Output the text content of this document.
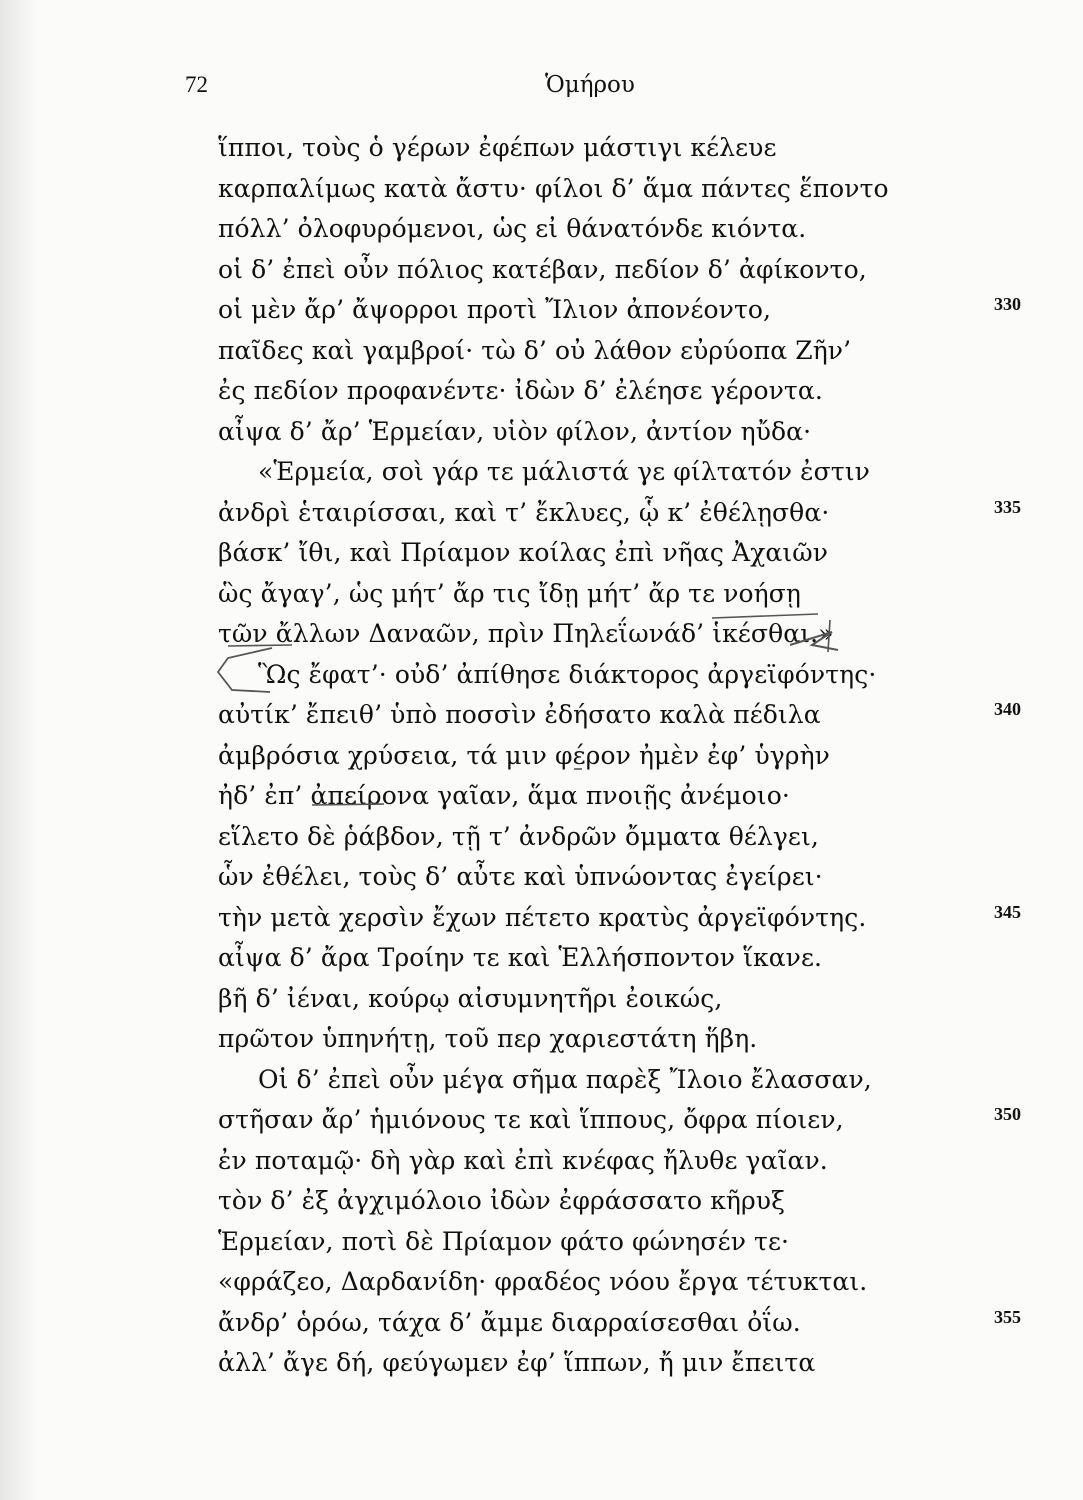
72	Ὁμήρου
ἵπποι, τοὺς ὁ γέρων ἐφέπων μάστιγι κέλευε
καρπαλίμως κατὰ ἄστυ· φίλοι δ’ ἅμα πάντες ἕποντο
πόλλ’ ὀλοφυρόμενοι, ὡς εἰ θάνατόνδε κιόντα.
οἱ δ’ ἐπεὶ οὖν πόλιος κατέβαν, πεδίον δ’ ἀφίκοντο,
οἱ μὲν ἄρ’ ἄψορροι προτὶ Ἴλιον ἀπονέοντο,	330
παῖδες καὶ γαμβροί· τὼ δ’ οὐ λάθον εὐρύοπα Ζῆν’
ἐς πεδίον προφανέντε· ἰδὼν δ’ ἐλέησε γέροντα.
αἶψα δ’ ἄρ’ Ἑρμείαν, υἱὸν φίλον, ἀντίον ηὔδα·
«Ἑρμεία, σοὶ γάρ τε μάλιστά γε φίλτατόν ἐστιν
ἀνδρὶ ἑταιρίσσαι, καὶ τ’ ἔκλυες, ᾧ κ’ ἐθέλῃσθα·	335
βάσκ’ ἴθι, καὶ Πρίαμον κοίλας ἐπὶ νῆας Ἀχαιῶν
ὣς ἄγαγ’, ὡς μήτ’ ἄρ τις ἴδῃ μήτ’ ἄρ τε νοήσῃ
τῶν ἄλλων Δαναῶν, πρὶν Πηλεΐωνάδ’ ἱκέσθαι.»
Ὣς ἔφατ’· οὐδ’ ἀπίθησε διάκτορος ἀργεϊφόντης·
αὐτίκ’ ἔπειθ’ ὑπὸ ποσσὶν ἐδήσατο καλὰ πέδιλα	340
ἀμβρόσια χρύσεια, τά μιν φέρον ἠμὲν ἐφ’ ὑγρὴν
ἠδ’ ἐπ’ ἀπείρονα γαῖαν, ἅμα πνοιῇς ἀνέμοιο·
εἵλετο δὲ ῥάβδον, τῇ τ’ ἀνδρῶν ὄμματα θέλγει,
ὧν ἐθέλει, τοὺς δ’ αὖτε καὶ ὑπνώοντας ἐγείρει·
τὴν μετὰ χερσὶν ἔχων πέτετο κρατὺς ἀργεϊφόντης.	345
αἶψα δ’ ἄρα Τροίην τε καὶ Ἑλλήσποντον ἵκανε.
βῆ δ’ ἰέναι, κούρῳ αἰσυμνητῆρι ἐοικώς,
πρῶτον ὑπηνήτῃ, τοῦ περ χαριεστάτη ἥβη.
Οἱ δ’ ἐπεὶ οὖν μέγα σῆμα παρὲξ Ἴλοιο ἔλασσαν,
στῆσαν ἄρ’ ἡμιόνους τε καὶ ἵππους, ὄφρα πίοιεν,	350
ἐν ποταμῷ· δὴ γὰρ καὶ ἐπὶ κνέφας ἤλυθε γαῖαν.
τὸν δ’ ἐξ ἀγχιμόλοιο ἰδὼν ἐφράσσατο κῆρυξ
Ἑρμείαν, ποτὶ δὲ Πρίαμον φάτο φώνησέν τε·
«φράζεο, Δαρδανίδη· φραδέος νόου ἔργα τέτυκται.
ἄνδρ’ ὁρόω, τάχα δ’ ἄμμε διαρραίσεσθαι ὀΐω.	355
ἀλλ’ ἄγε δή, φεύγωμεν ἐφ’ ἵππων, ἤ μιν ἔπειτα
